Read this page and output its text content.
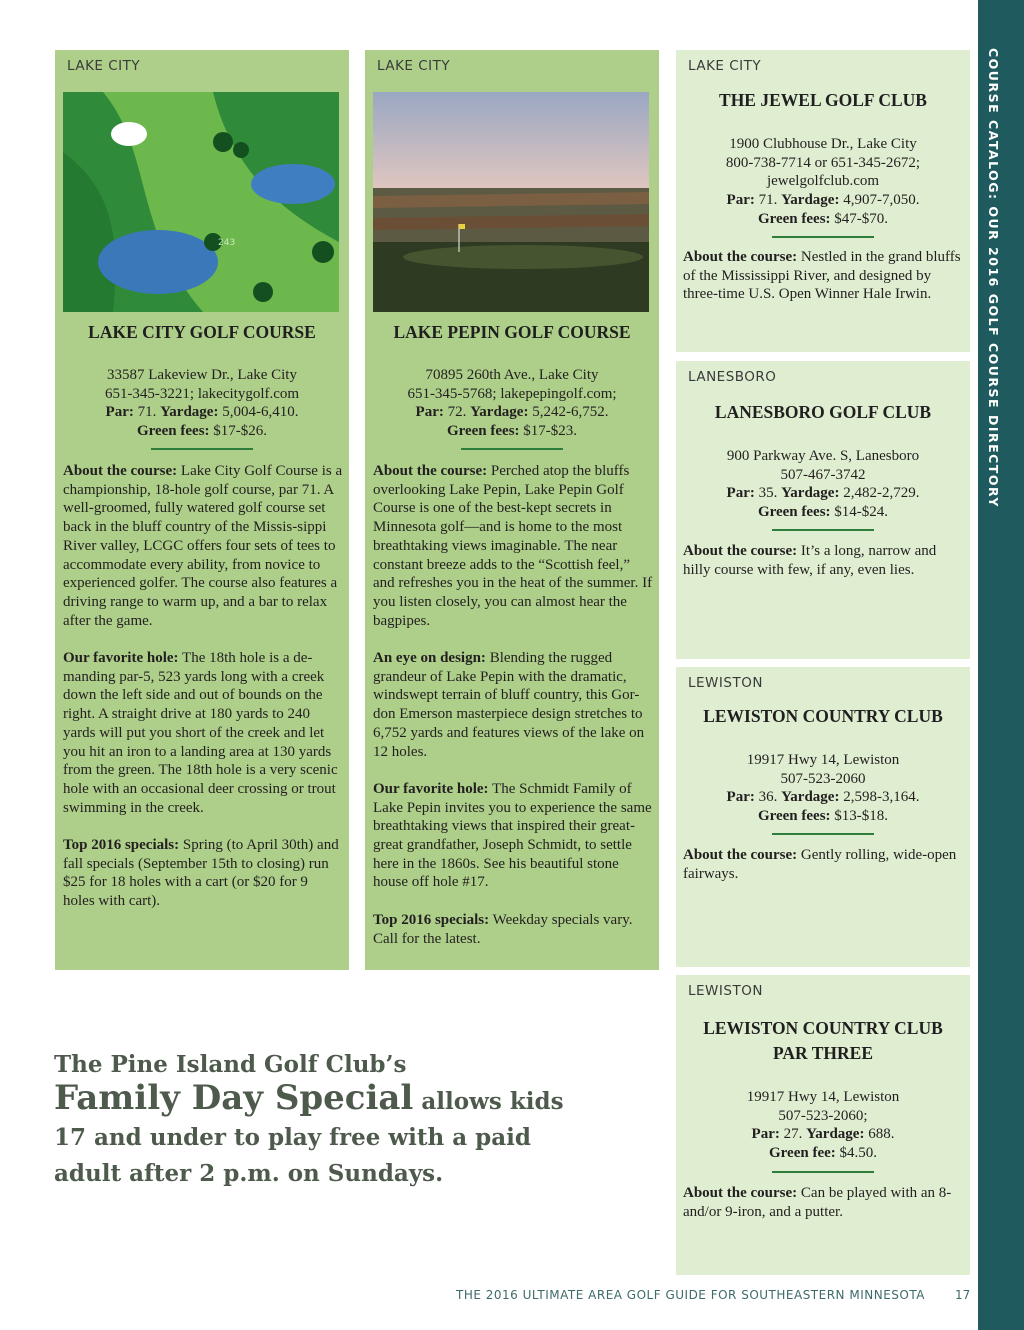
COURSE CATALOG: OUR 2016 GOLF COURSE DIRECTORY
LAKE CITY
243
LAKE CITY GOLF COURSE
33587 Lakeview Dr., Lake City
651-345-3221; lakecitygolf.com
Par: 71. Yardage: 5,004-6,410.
Green fees: $17-$26.

About the course: Lake City Golf Course is a championship, 18-hole golf course, par 71. A well-groomed, fully watered golf course set back in the bluff country of the Missis-sippi River valley, LCGC offers four sets of tees to accommodate every ability, from novice to experienced golfer. The course also features a driving range to warm up, and a bar to relax after the game.

Our favorite hole: The 18th hole is a de-manding par-5, 523 yards long with a creek down the left side and out of bounds on the right. A straight drive at 180 yards to 240 yards will put you short of the creek and let you hit an iron to a landing area at 130 yards from the green. The 18th hole is a very scenic hole with an occasional deer crossing or trout swimming in the creek.

Top 2016 specials: Spring (to April 30th) and fall specials (September 15th to closing) run $25 for 18 holes with a cart (or $20 for 9 holes with cart).

LAKE CITY
LAKE PEPIN GOLF COURSE
70895 260th Ave., Lake City
651-345-5768; lakepepingolf.com;
Par: 72. Yardage: 5,242-6,752.
Green fees: $17-$23.

About the course: Perched atop the bluffs overlooking Lake Pepin, Lake Pepin Golf Course is one of the best-kept secrets in Minnesota golf—and is home to the most breathtaking views imaginable. The near constant breeze adds to the “Scottish feel,” and refreshes you in the heat of the summer. If you listen closely, you can almost hear the bagpipes.

An eye on design: Blending the rugged grandeur of Lake Pepin with the dramatic, windswept terrain of bluff country, this Gor-don Emerson masterpiece design stretches to 6,752 yards and features views of the lake on 12 holes.

Our favorite hole: The Schmidt Family of Lake Pepin invites you to experience the same breathtaking views that inspired their great-great grandfather, Joseph Schmidt, to settle here in the 1860s. See his beautiful stone house off hole #17.

Top 2016 specials: Weekday specials vary. Call for the latest.

LAKE CITY
THE JEWEL GOLF CLUB
1900 Clubhouse Dr., Lake City
800-738-7714 or 651-345-2672;
jewelgolfclub.com
Par: 71. Yardage: 4,907-7,050.
Green fees: $47-$70.

About the course: Nestled in the grand bluffs of the Mississippi River, and designed by three-time U.S. Open Winner Hale Irwin.

LANESBORO
LANESBORO GOLF CLUB
900 Parkway Ave. S, Lanesboro
507-467-3742
Par: 35. Yardage: 2,482-2,729.
Green fees: $14-$24.

About the course: It’s a long, narrow and hilly course with few, if any, even lies.

LEWISTON
LEWISTON COUNTRY CLUB
19917 Hwy 14, Lewiston
507-523-2060
Par: 36. Yardage: 2,598-3,164.
Green fees: $13-$18.

About the course: Gently rolling, wide-open fairways.

LEWISTON
LEWISTON COUNTRY CLUB
PAR THREE
19917 Hwy 14, Lewiston
507-523-2060;
Par: 27. Yardage: 688.
Green fee: $4.50.

About the course: Can be played with an 8- and/or 9-iron, and a putter.

The Pine Island Golf Club’s
Family Day Special allows kids
17 and under to play free with a paid
adult after 2 p.m. on Sundays.
THE 2016 ULTIMATE AREA GOLF GUIDE FOR SOUTHEASTERN MINNESOTA	17
